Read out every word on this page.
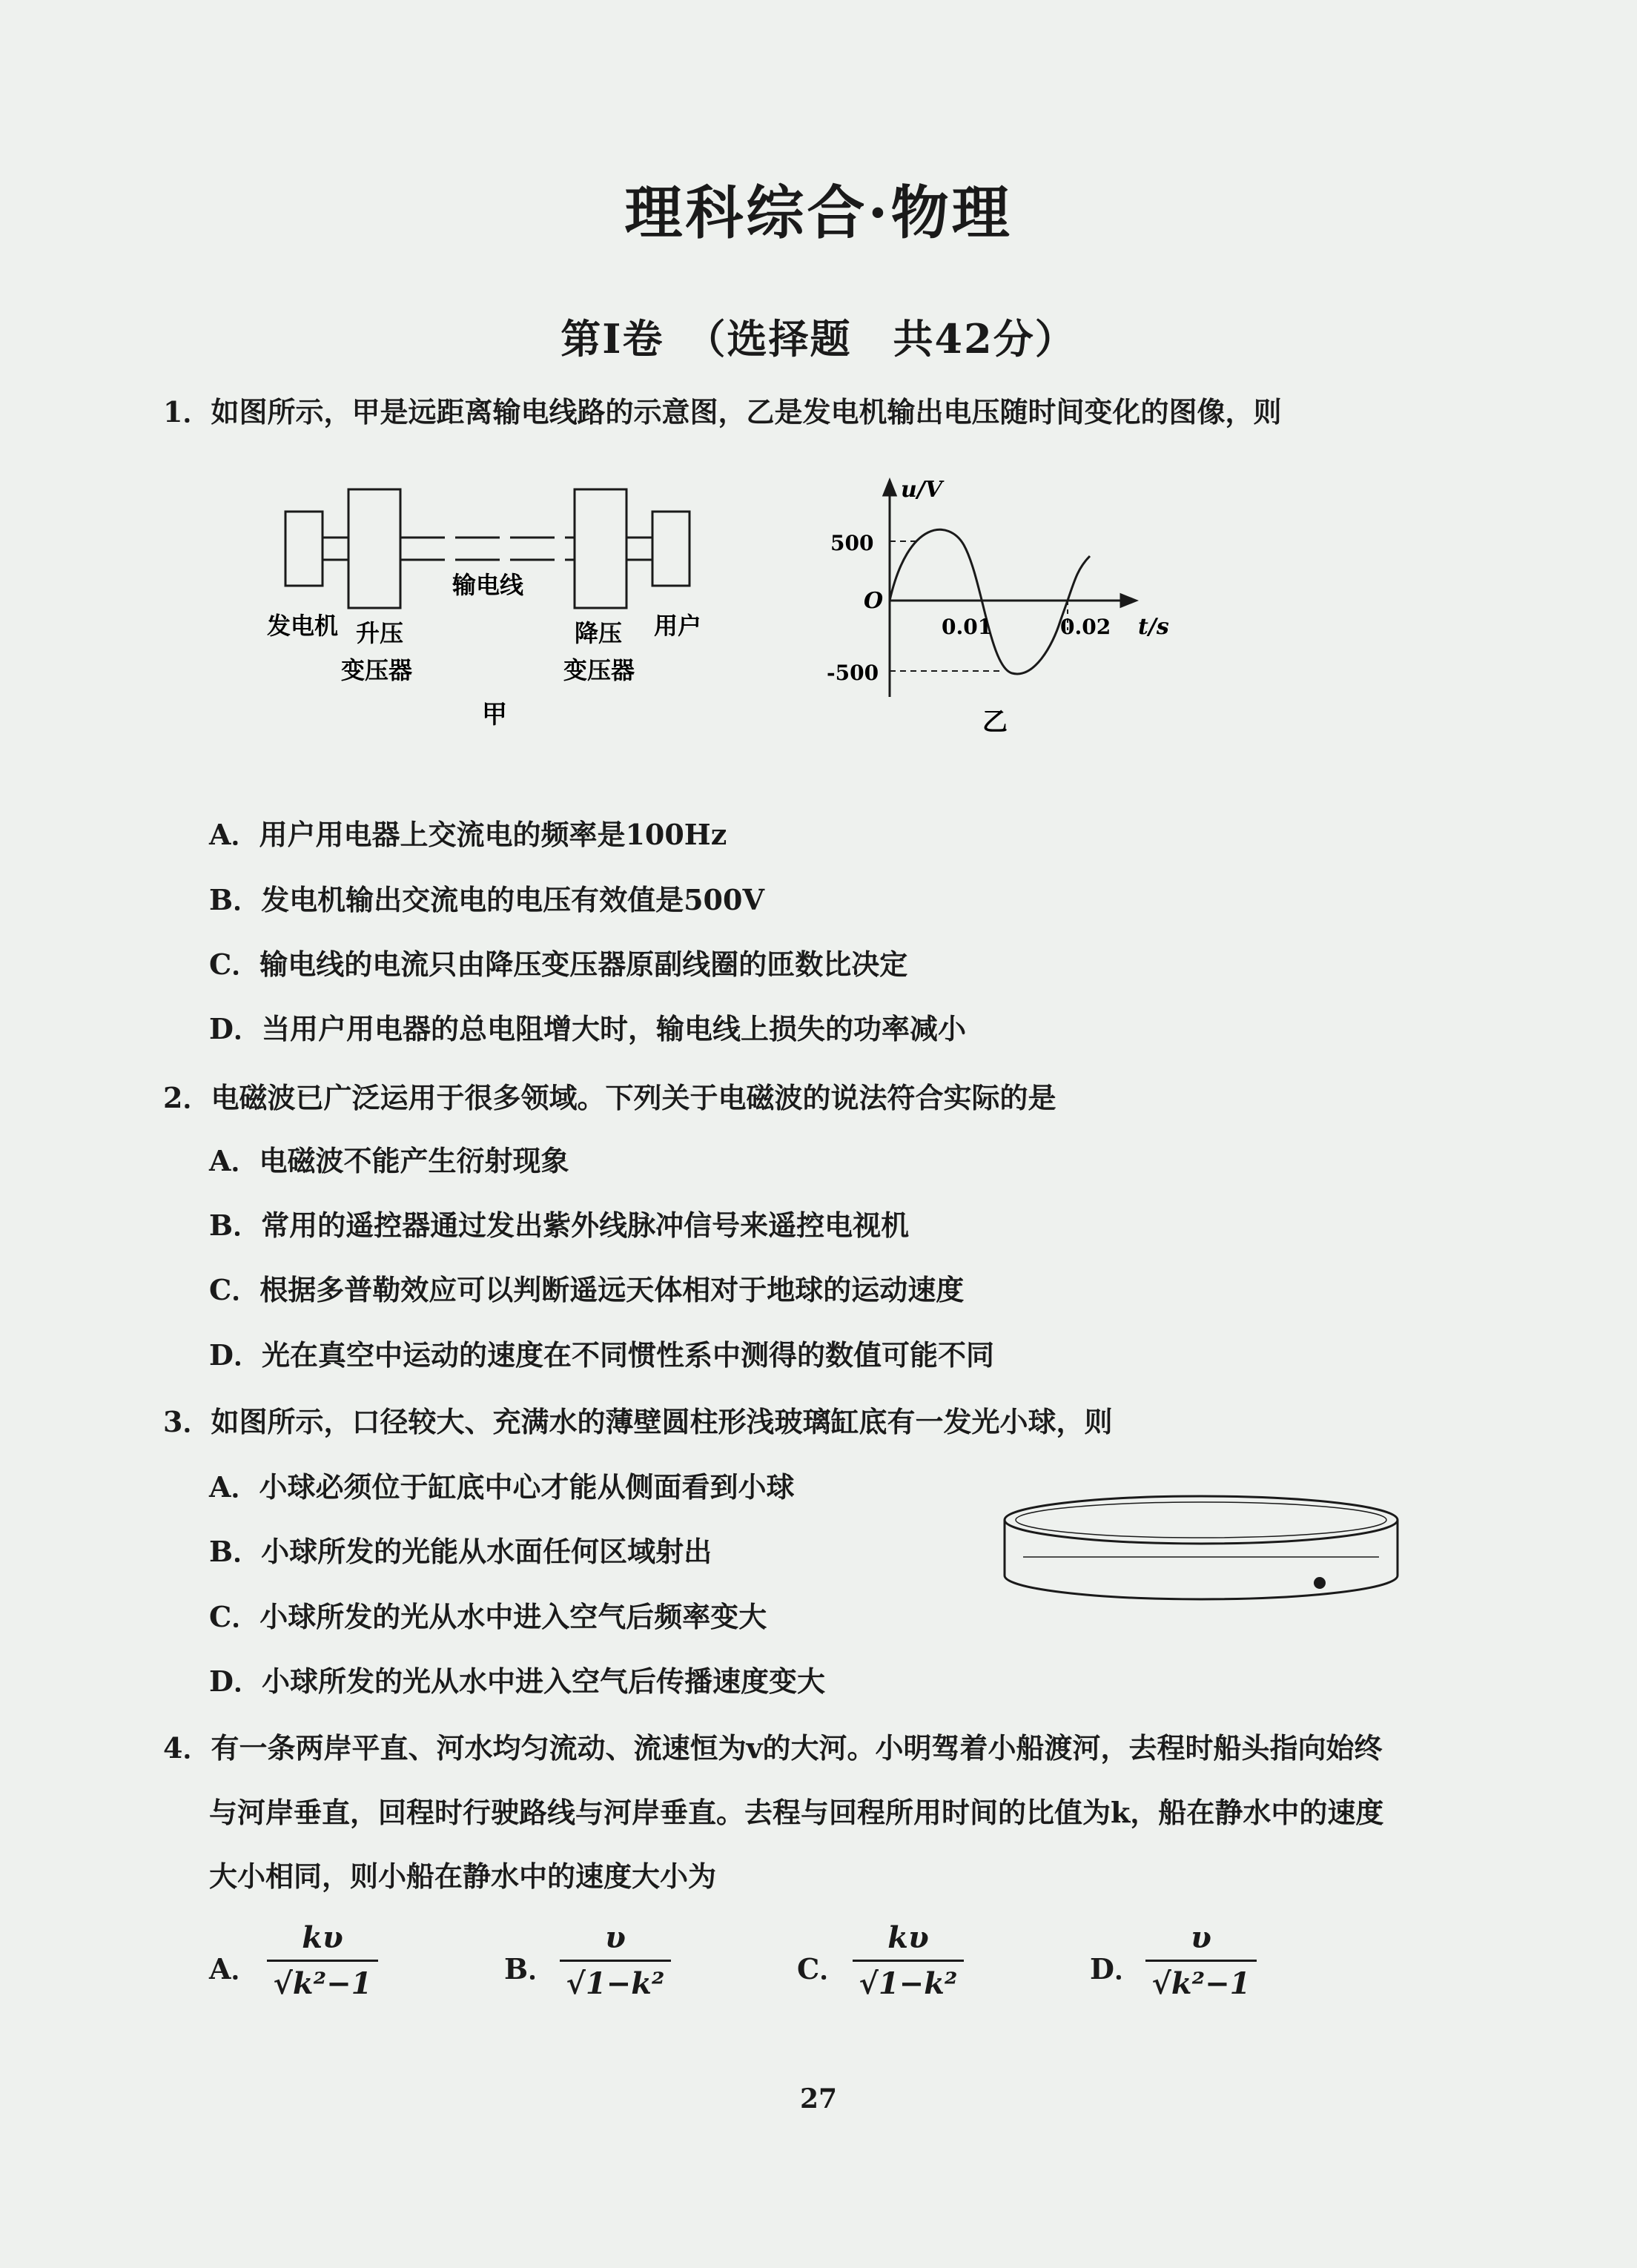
理科综合·物理
第Ⅰ卷　（选择题　共42分）
1．如图所示，甲是远距离输电线路的示意图，乙是发电机输出电压随时间变化的图像，则
发电机 升压
变压器
输电线
降压
变压器
用户
甲
u/V
500
O
0.01	0.02 t/s
-500
乙
A．用户用电器上交流电的频率是100Hz
B．发电机输出交流电的电压有效值是500V
C．输电线的电流只由降压变压器原副线圈的匝数比决定
D．当用户用电器的总电阻增大时，输电线上损失的功率减小
2．电磁波已广泛运用于很多领域。下列关于电磁波的说法符合实际的是
A．电磁波不能产生衍射现象
B．常用的遥控器通过发出紫外线脉冲信号来遥控电视机
C．根据多普勒效应可以判断遥远天体相对于地球的运动速度
D．光在真空中运动的速度在不同惯性系中测得的数值可能不同
3．如图所示，口径较大、充满水的薄壁圆柱形浅玻璃缸底有一发光小球，则
A．小球必须位于缸底中心才能从侧面看到小球
B．小球所发的光能从水面任何区域射出
C．小球所发的光从水中进入空气后频率变大
D．小球所发的光从水中进入空气后传播速度变大
4．有一条两岸平直、河水均匀流动、流速恒为v的大河。小明驾着小船渡河，去程时船头指向始终
与河岸垂直，回程时行驶路线与河岸垂直。去程与回程所用时间的比值为k，船在静水中的速度
大小相同，则小船在静水中的速度大小为
A．
kυ
√k²−1	B．
υ
√1−k²	C．
kυ
√1−k²	D．
υ
√k²−1
27
